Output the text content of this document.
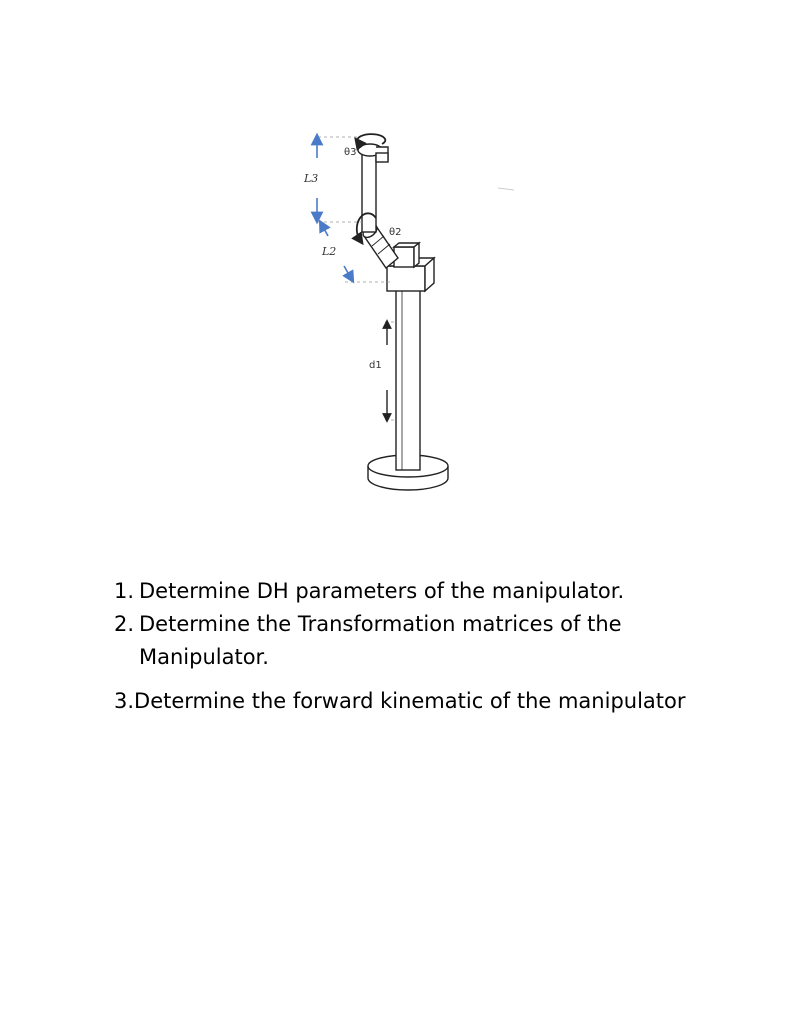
θ3
θ2
L3
L2
d1
1. Determine DH parameters of the manipulator.
2. Determine the Transformation matrices of the Manipulator.
3. Determine the forward kinematic of the manipulator
